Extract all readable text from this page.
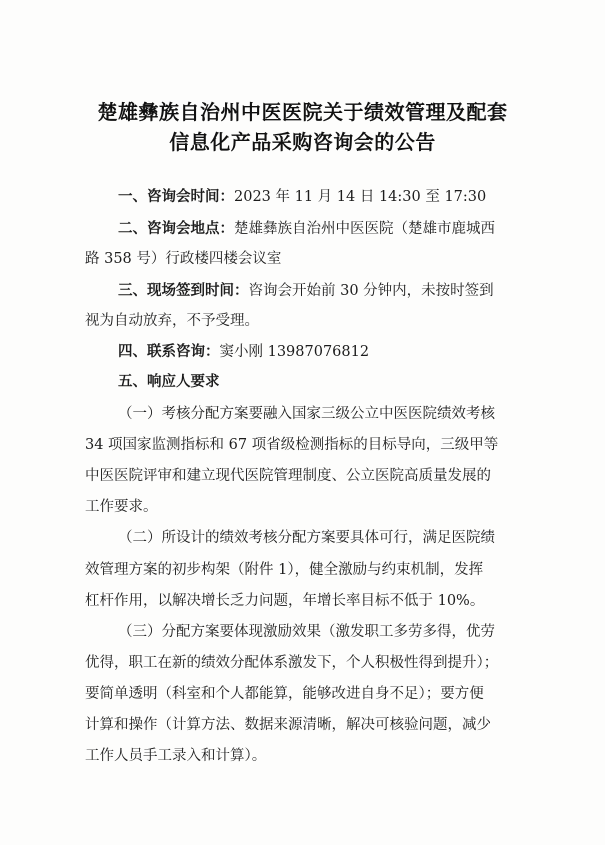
楚雄彝族自治州中医医院关于绩效管理及配套
信息化产品采购咨询会的公告
一、咨询会时间：2023 年 11 月 14 日 14:30 至 17:30
二、咨询会地点：楚雄彝族自治州中医医院（楚雄市鹿城西
路 358 号）行政楼四楼会议室
三、现场签到时间：咨询会开始前 30 分钟内，未按时签到
视为自动放弃，不予受理。
四、联系咨询：窦小刚 13987076812
五、响应人要求
（一）考核分配方案要融入国家三级公立中医医院绩效考核
34 项国家监测指标和 67 项省级检测指标的目标导向，三级甲等
中医医院评审和建立现代医院管理制度、公立医院高质量发展的
工作要求。
（二）所设计的绩效考核分配方案要具体可行，满足医院绩
效管理方案的初步构架（附件 1），健全激励与约束机制，发挥
杠杆作用，以解决增长乏力问题，年增长率目标不低于 10%。
（三）分配方案要体现激励效果（激发职工多劳多得，优劳
优得，职工在新的绩效分配体系激发下，个人积极性得到提升）；
要简单透明（科室和个人都能算，能够改进自身不足）；要方便
计算和操作（计算方法、数据来源清晰，解决可核验问题，减少
工作人员手工录入和计算）。
